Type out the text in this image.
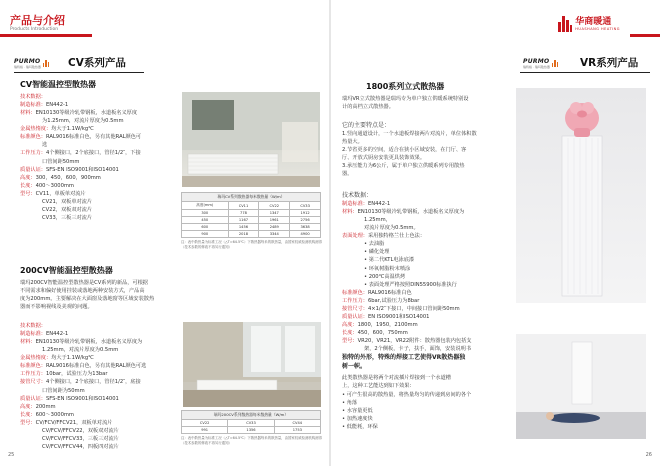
产品与介绍
Products Introduction
华商暖通
HUASHANG HEATING
PURMO
瑞特格 · 瑞玛散热器	CV系列产品
CV智能温控型散热器

技术数据：

制造标准：EN442-1

材料：EN10130等级冷轧带钢板，水道板名义厚度

为1.25mm，对流片厚度为0.5mm

金属热惰度：均大于1.1W/kg℃

标准颜色：RAL9016标准白色，另有其他RAL颜色可

选

工作压力：4个侧接口，2个底接口，管径1/2″，下接

口管间距50mm

质量认证：SFS-EN ISO9001和ISO14001

高度：300，450，600，900mm

长度：400～3000mm

型号：CV11，单板单对流片

CV21，双板单对流片

CV22，双板双对流片

CV33，三板三对流片

瑞玛CV系列散热器每米散热量（W/m）
高度(mm)	CV11	CV22	CV33
300	778	1347	1912
450	1167	1961	2756
600	1456	2489	3638
900	2018	3344	4900
注：表中散热量为标准工况（△T=64.5℃）下散热器每米的散热量，由国家权威检测机构测得（技术参数的修改不再另行通知）
200CV智能温控型散热器

瑞玛200CV智能温控型散热器是CV系列的新品，可根据

不同需求和偏好使用挂装或落地两种安装方式，产品高

度为200mm。主要解决在大面窗及落地窗等区域安装散热

器而不影响视线及美观的问题。

技术数据：

制造标准：EN442-1

材料：EN10130等级冷轧带钢板，水道板名义厚度为

1.25mm，对流片厚度为0.5mm

金属热惰度：均大于1.1W/kg℃

标准颜色：RAL9016标准白色，另有其他RAL颜色可选

工作压力：10bar，试验压力为13bar

接管尺寸：4个侧接口，2个底接口，管径1/2″，底接

口管间距为50mm

质量认证：SFS-EN ISO9001和ISO14001

高度：200mm

长度：600～3000mm

型号：CV/FCV/FFCV21，双板单对流片

CV/FCV/FFCV22，双板双对流片

CV/FCV/FFCV33，三板三对流片

CV/FCV/FFCV44，四板四对流片

瑞玛200CV系列散热器每米散热量（W/m）
CV22	CV33	CV44
991	1356	1753
注：表中散热量为标准工况（△T=64.5℃）下散热器每米的散热量，由国家权威检测机构测得（技术参数的修改不再另行通知）
25
PURMO
瑞特格 · 瑞玛散热器	VR系列产品
1800系列立式散热器

瑞玛VR立式散热器是瑞玛专为单户独立供暖系统特别设

计的高档立式散热器。

它的主要特点是：

1.竖向通道设计，一个水道板焊接两片对流片，单位体积散

热量大。

2.节省更多的空间，适合在狭小区域安装，在门厅、客

厅、开放式厨房安装更具装饰效果。

3.承压能力为6公斤，属于单户独立供暖系列专用散热

器。

技术数据：

制造标准：EN442-1

材料：EN10130等级冷轧带钢板，水道板名义厚度为

1.25mm，

对流片厚度为0.5mm。

表面处理：采用独特格兰仕上色法：

• 去油脂

• 磷化处理

• 第二代KTL电泳底漆

• 环氧树脂粉末喷涂

• 200℃高温烘烤

• 表面处理严格按照DIN55900标准执行

标准颜色：RAL9016标准白色

工作压力：6bar,试验压力为8bar

接管尺寸：4×1/2″下接口，中间接口管间距50mm

质量认证：EN ISO9001和ISO14001

高度：1800，1950，2100mm

长度：450，600，750mm

型号：VR20，VR21，VR22附件：散热器包装内包括支

架，2个侧板，卡子，扶手，面饰，安装说明书

独特的外形，特殊的焊接工艺使得VR散热器独

树一帜。

此类散热器是将两个对流插片焊接到一个水道槽

上，这种工艺能达到如下效果：

• 可产生很高的散热量，将热量均匀的传递到房间的各个

• 角落

• 水容量更低

• 加热速度快

• 低能耗，环保

26
